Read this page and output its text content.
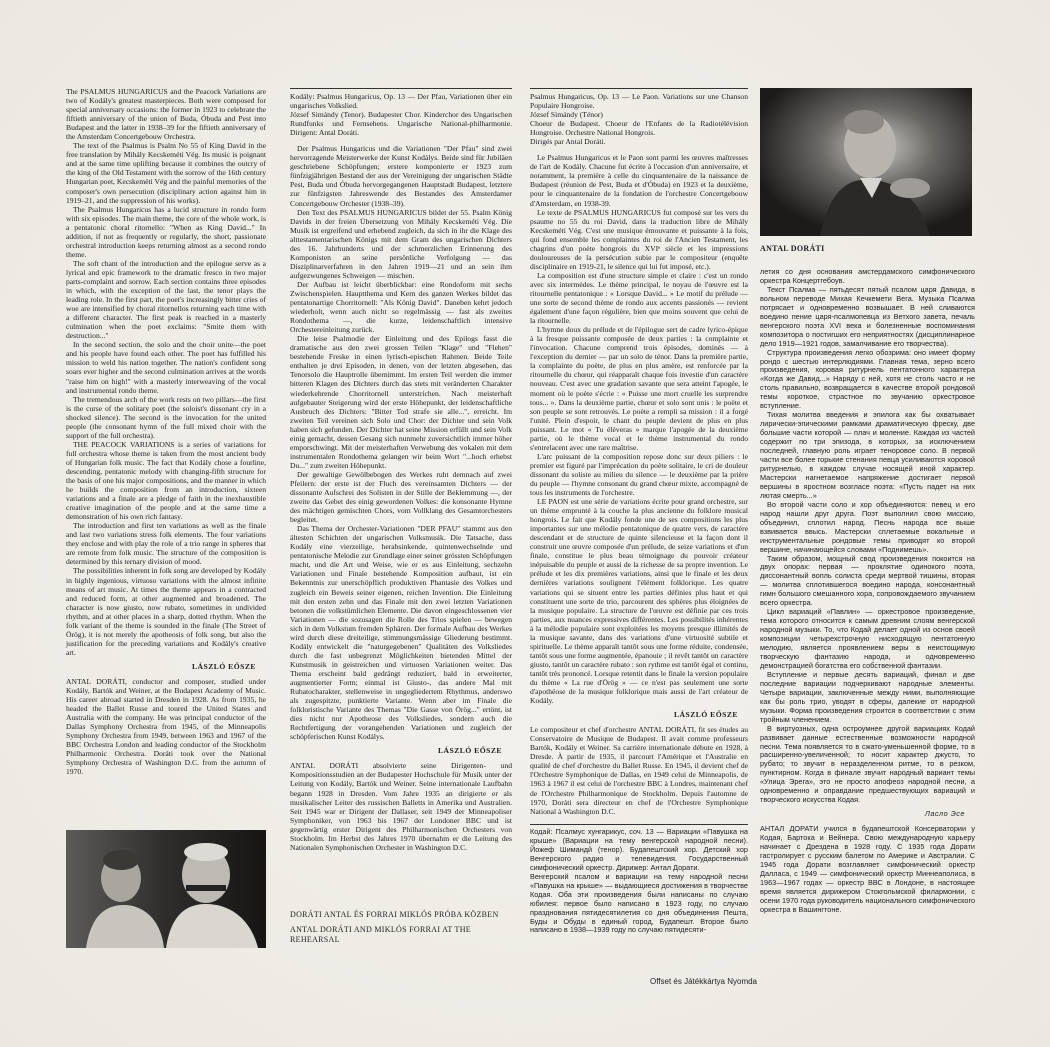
The PSALMUS HUNGARICUS and the Peacock Variations are two of Kodály's greatest masterpieces. Both were composed for special anniversary occasions: the former in 1923 to celebrate the fiftieth anniversary of the union of Buda, Óbuda and Pest into Budapest and the latter in 1938–39 for the fiftieth anniversary of the Amsterdam Concertgebouw Orchestra.

The text of the Psalmus is Psalm No 55 of King David in the free translation by Mihály Kecskeméti Vég. Its music is poignant and at the same time uplifting because it combines the outcry of the king of the Old Testament with the sorrow of the 16th century Hungarian poet, Kecskeméti Vég and the painful memories of the composer's own persecution (disciplinary action against him in 1919–21, and the suppression of his works).

The Psalmus Hungaricus has a lucid structure in rondo form with six episodes. The main theme, the core of the whole work, is a pentatonic choral ritornello: "When as King David..." In addition, if not as frequently or regularly, the short, passionate orchestral introduction keeps returning almost as a second rondo theme.

The soft chant of the introduction and the epilogue serve as a lyrical and epic framework to the dramatic fresco in two major parts-complaint and sorrow. Each section contains three episodes in which, with the exception of the last, the tenor plays the leading role. In the first part, the poet's increasingly bitter cries of woe are intensified by choral ritornellos returning each time with a different character. The first peak is reached in a masterly culmination when the poet exclaims: "Smite them with destruction..."

In the second section, the solo and the choir unite—the poet and his people have found each other. The poet has fulfilled his mission to weld his nation together. The nation's confident song soars ever higher and the second culmination arrives at the words "raise him on high!" with a masterly interweaving of the vocal and instrumental rondo theme.

The tremendous arch of the work rests on two pillars—the first is the curse of the solitary poet (the soloist's dissonant cry in a shocked silence). The second is the invocation for the united people (the consonant hymn of the full mixed choir with the support of the full orchestra).

THE PEACOCK VARIATIONS is a series of variations for full orchestra whose theme is taken from the most ancient body of Hungarian folk music. The fact that Kodály chose a fourline, descending, pentatonic melody with changing-fifth structure for the basis of one his major compositions, and the manner in which he builds the composition from an introduction, sixteen variations and a finale are a pledge of faith in the inexhaustible creative imagination of the people and at the same time a demonstration of his own rich fantasy.

The introduction and first ten variations as well as the finale and last two variations stress folk elements. The four variations they enclose and with play the role of a trio range in spheres that are remote from folk music. The structure of the composition is determined by this ternary division of mood.

The possibilities inherent in folk song are developed by Kodály in highly ingenious, virtuoso variations with the almost infinite means of art music. At times the theme appears in a contracted and reduced form, at other augmented and broadened. The character is now giusto, now rubato, sometimes in undivided rhythm, and at other places in a sharp, dotted rhythm. When the folk variant of the theme is sounded in the finale (The Street of Örög), it is not merely the apotheosis of folk song, but also the justification for the preceding variations and Kodály's creative art.

LÁSZLÓ EŐSZE

ANTAL DORÁTI, conductor and composer, studied under Kodály, Bartók and Weiner, at the Budapest Academy of Music. His career abroad started in Dresden in 1928. As from 1935, he headed the Ballet Russe and toured the United States and Australia with the company. He was principal conductor of the Dallas Symphony Orchestra from 1945, of the Minneapolis Symphony Orchestra from 1949, between 1963 and 1967 of the BBC Orchestra London and leading conductor of the Stockholm Philharmonic Orchestra. Doráti took over the National Symphony Orchestra of Washington D.C. from the autumn of 1970.

Kodály: Psalmus Hungaricus, Op. 13 — Der Pfau, Variationen über ein ungarisches Volkslied.

József Simándy (Tenor). Budapester Chor. Kinderchor des Ungarischen Rundfunks und Fernsehens. Ungarische National-philharmonie. Dirigent: Antal Doráti.

Der Psalmus Hungaricus und die Variationen "Der Pfau" sind zwei hervorragende Meisterwerke der Kunst Kodálys. Beide sind für Jubiläen geschriebene Schöpfungen; erstere komponierte er 1923 zum fünfzigjährigen Bestand der aus der Vereinigung der ungarischen Städte Pest, Buda und Óbuda hervorgegangenen Hauptstadt Budapest, letztere zur fünfzigsten Jahreswende des Bestandes des Amsterdamer Concertgebouw Orchester (1938–39).

Den Text des PSALMUS HUNGARICUS bildet der 55. Psalm König Davids in der freien Übersetzung von Mihály Kecskeméti Vég. Die Musik ist ergreifend und erhebend zugleich, da sich in ihr die Klage des alttestamentarischen Königs mit dem Gram des ungarischen Dichters des 16. Jahrhunderts und der schmerzlichen Erinnerung des Komponisten an seine persönliche Verfolgung — das Disziplinarverfahren in den Jahren 1919—21 und an sein ihm aufgezwungenes Schweigen — mischen.

Der Aufbau ist leicht überblickbar: eine Rondoform mit sechs Zwischenspielen. Hauptthema und Kern des ganzen Werkes bildet das pentatonartige Chorritornell: "Als König David". Daneben kehrt jedoch wiederholt, wenn auch nicht so regelmässig — fast als zweites Rondothema —, die kurze, leidenschaftlich intensive Orchestereinleitung zurück.

Die leise Psalmodie der Einleitung und des Epilogs fasst die dramatische aus den zwei grossen Teilen "Klage" und "Flehen" bestehende Freske in einen lyrisch-epischen Rahmen. Beide Teile enthalten je drei Episoden, in denen, von der letzten abgesehen, das Tenorsolo die Hauptrolle übernimmt. Im ersten Teil werden die immer bitteren Klagen des Dichters durch das stets mit veränderten Charakter wiederkehrende Chorritornell unterstrichen. Nach meisterhaft aufgebauter Steigerung wird der erste Höhepunkt, der leidenschaftliche Ausbruch des Dichters: "Bitter Tod strafe sie alle...", erreicht. Im zweiten Teil vereinen sich Solo und Chor: der Dichter und sein Volk haben sich gefunden. Der Dichter hat seine Mission erfüllt und sein Volk einig gemacht, dessen Gesang sich nunmehr zuversichtlich immer höher emporschwingt. Mit der meisterhaften Verwebung des vokalen mit dem instrumentalen Rondothema gelangen wir beim Wort "...hoch erhebst Du..." zum zweiten Höhepunkt.

Der gewaltige Gewölbebogen des Werkes ruht demnach auf zwei Pfeilern: der erste ist der Fluch des vereinsamten Dichters — der dissonante Aufschrei des Solisten in der Stille der Beklemmung —, der zweite das Gebet des einig gewordenen Volkes: die konsonante Hymne des mächtigen gemischten Chors, vom Vollklang des Gesamtorchesters begleitet.

Das Thema der Orchester-Variationen "DER PFAU" stammt aus den ältesten Schichten der ungarischen Volksmusik. Die Tatsache, dass Kodály eine vierzeilige, herabsinkende, quintenwechselnde und pentatonische Melodie zur Grundlage einer seiner grössten Schöpfungen macht, und die Art und Weise, wie er es aus Einleitung, sechzehn Variationen und Finale bestehende Komposition aufbaut, ist ein Bekenntnis zur unerschöpflich produktiven Phantasie des Volkes und zugleich ein Beweis seiner eigenen, reichen Invention. Die Einleitung mit den ersten zehn und das Finale mit den zwei letzten Variationen betonen die volkstümlichen Elemente. Die davon eingeschlossenen vier Variationen — die sozusagen die Rolle des Trios spielen — bewegen sich in dem Volkstum fremden Sphären. Der formale Aufbau des Werkes wird durch diese dreiteilige, stimmungsmässige Gliederung bestimmt. Kodály entwickelt die "naturgegebenen" Qualitäten des Volksliedes durch die fast unbegrenzt Möglichkeiten bietenden Mittel der Kunstmusik in geistreichen und virtuosen Variationen weiter. Das Thema erscheint bald gedrängt reduziert, bald in erweiterter, augmentierter Form; einmal ist Giusto-, das andere Mal mit Rubatocharakter, stellenweise in ungegliedertem Rhythmus, anderswo als zugespitzte, punktierte Variante. Wenn aber im Finale die folkloristische Variante des Themas "Die Gasse von Örög..." ertönt, ist dies nicht nur Apotheose des Volksliedes, sondern auch die Rechtfertigung der vorangehenden Variationen und zugleich der schöpferischen Kunst Kodálys.

LÁSZLÓ EŐSZE

ANTAL DORÁTI absolvierte seine Dirigenten- und Kompositionsstudien an der Budapester Hochschule für Musik unter der Leitung von Kodály, Bartók und Weiner. Seine internationale Laufbahn begann 1928 in Dresden. Vom Jahre 1935 an dirigierte er als musikalischer Leiter des russischen Balletts in Amerika und Australien. Seit 1945 war er Dirigent der Dallaser, seit 1949 der Minneapoliser Symphoniker, von 1963 bis 1967 der Londoner BBC und ist gegenwärtig erster Dirigent des Philharmonischen Orchesters von Stockholm. Im Herbst des Jahres 1970 übernahm er die Leitung des Nationalen Symphonischen Orchester in Washington D.C.

Psalmus Hungaricus, Op. 13 — Le Paon. Variations sur une Chanson Populaire Hongroise.

József Simándy (Ténor)

Choeur de Budapest. Choeur de l'Enfants de la Radiotélévision Hongroise. Orchestre National Hongrois.

Dirigés par Antal Doráti.

Le Psalmus Hungaricus et le Paon sont parmi les œuvres maîtresses de l'art de Kodály. Chacune fut écrite à l'occasion d'un anniversaire, et notamment, la première à celle du cinquantenaire de la naissance de Budapest (réunion de Pest, Buda et d'Óbuda) en 1923 et la deuxième, pour le cinquantenaire de la fondation de l'orchestre Concertgebouw d'Amsterdam, en 1938-39.

Le texte de PSALMUS HUNGARICUS fut composé sur les vers du psaume no 55 du roi David, dans la traduction libre de Mihály Kecskeméti Vég. C'est une musique émouvante et puissante à la fois, qui fond ensemble les complaintes du roi de l'Ancien Testament, les chagrins d'un poète hongrois du XVIᵉ siècle et les impressions douloureuses de la persécution subie par le compositeur (enquête disciplinaire en 1919-21, le silence qui lui fut imposé, etc.).

La composition est d'une structure simple et claire : c'est un rondo avec six intermèdes. Le thème principal, le noyau de l'œuvre est la ritournelle pentatonique : « Lorsque David... » Le motif du prélude — une sorte de second thème de rondo aux accents passionés — revient également d'une façon régulière, bien que moins souvent que celui de la ritournelle.

L'hymne doux du prélude et de l'épilogue sert de cadre lyrico-épique à la fresque puissante composée de deux parties : la complainte et l'invocation. Chacune comprend trois épisodes, dominés — à l'exception du dernier — par un solo de ténor. Dans la première partie, la complainte du poète, de plus en plus amère, est renforcée par la ritournelle du chœur, qui réapparaît chaque fois investie d'un caractère nouveau. C'est avec une gradation savante que sera atteint l'apogée, le moment où le poète s'écrie : « Puisse une mort cruelle les surprendre tous... ». Dans la deuxième partie, chœur et solo sont unis : le poète et son peuple se sont retrouvés. Le poète a rempli sa mission : il a forgé l'unité. Plein d'espoir, le chant du peuple devient de plus en plus puissant. Le mot « Tu élèveras » marque l'apogée de la deuxième partie, où le thème vocal et le thème instrumental du rondo s'entrelacent avec une rare maîtrise.

L'arc puissant de la composition repose donc sur deux piliers : le premier est figuré par l'imprécation du poète solitaire, le cri de douleur dissonant du soliste au milieu du silence — le deuxième par la prière du peuple — l'hymne consonant du grand chœur mixte, accompagné de tous les instruments de l'orchestre.

LE PAON est une série de variations écrite pour grand orchestre, sur un thème emprunté à la couche la plus ancienne du folklore musical hongrois. Le fait que Kodály fonde une de ses compositions les plus importantes sur une mélodie pentatonique de quatre vers, de caractère descendant et de structure de quinte silencieuse et la façon dont il construit une œuvre composée d'un prélude, de seize variations et d'un finale, constitue le plus beau témoignage du pouvoir créateur inépuisable du peuple et aussi de la richesse de sa propre invention. Le prélude et les dix premières variations, ainsi que le finale et les deux dernières variations soulignent l'élément folklorique. Les quatre variations qui se situent entre les parties définies plus haut et qui constituent une sorte de trio, parcourent des sphères plus éloignées de la musique populaire. La structure de l'œuvre est définie par ces trois parties, aux nuances expressives différentes. Les possibilités inhérentes à la mélodie populaire sont exploitées les moyens presque illimités de la musique savante, dans des variations d'une virtuosité subtile et spirituelle. Le thème apparaît tantôt sous une forme réduite, condensée, tantôt sous une forme augmentée, épanouie ; il revêt tantôt un caractère giusto, tantôt un caractère rubato : son rythme est tantôt égal et continu, tantôt très prononcé. Lorsque retentit dans le finale la version populaire du thème « La rue d'Örög » — ce n'est pas seulement une sorte d'apothéose de la musique folklorique mais aussi de l'art créateur de Kodály.

LÁSZLÓ EŐSZE

Le compositeur et chef d'orchestre ANTAL DORÁTI, fit ses études au Conservatoire de Musique de Budapest. Il avait comme professeurs Bartók, Kodály et Weiner. Sa carrière internationale débute en 1928, à Dresde. À partir de 1935, il parcourt l'Amérique et l'Australie en qualité de chef d'orchestre du Ballet Russe. En 1945, il devient chef de l'Orchestre Symphonique de Dallas, en 1949 celui de Minneapolis, de 1963 à 1967 il est celui de l'orchestre BBC à Londres, maintenant chef de l'Orchestre Philharmonique de Stockholm. Depuis l'automne de 1970, Doráti sera directeur en chef de l'Orchestre Symphonique National à Washington D.C.

ANTAL DORÁTI

летия со дня основания амстердамского симфонического оркестра Концертгебоув.

Текст Псалма — пятьдесят пятый псалом царя Давида, в вольном переводе Михая Кечкемети Вега. Музыка Псалма потрясает и одновременно возвышает. В ней сливаются воедино пение царя-псалмопевца из Ветхого завета, печаль венгерского поэта XVI века и болезненные воспоминания композитора о постигших его неприятностях (дисциплинарное дело 1919—1921 годов, замалчивание его творчества).

Структура произведения легко обозрима: оно имеет форму рондо с шестью интерлюдиями. Главная тема, зерно всего произведения, хоровая ритурнель пентатонного характера «Когда же Давид...» Наряду с ней, хотя не столь часто и не столь правильно, возвращается в качестве второй рондовой темы короткое, страстное по звучанию оркестровое вступление.

Тихая молитва введения и эпилога как бы охватывает лирически-эпическими рамками драматическую фреску, две большие части которой — плач и моление. Каждая из частей содержит по три эпизода, в которых, за исключением последней, главную роль играет теноровое соло. В первой части все более горькие стенания певца усиливаются хоровой ритурнелью, в каждом случае носящей иной характер. Мастерски нагнетаемое напряжение достигает первой вершины в яростном возгласе поэта: «Пусть падет на них лютая смерть...»

Во второй части соло и хор объединяются: певец и его народ нашли друг друга. Поэт выполнил свою миссию, объединил, сплотил народ. Песнь народа все выше взвивается ввысь. Мастерски сплетаемые вокальные и инструментальные рондовые темы приводят ко второй вершине, начинающейся словами «Поднимешь».

Таким образом, мощный свод произведения покоится на двух опорах: первая — проклятие одинокого поэта, диссонантный вопль солиста среди мертвой тишины, вторая — молитва сплотившегося воедино народа, консонантный гимн большого смешанного хора, сопровождаемого звучанием всего оркестра.

Цикл вариаций «Павлин» — оркестровое произведение, тема которого относится к самым древним слоям венгерской народной музыки. То, что Кодай делает одной из основ своей композиции четырехстрочную нисходящую пентатонную мелодию, является проявлением веры в неистощимую творческую фантазию народа, и одновременно демонстрацией богатства его собственной фантазии.

Вступление и первые десять вариаций, финал и две последние вариации подчеркивают народные элементы. Четыре вариации, заключенные между ними, выполняющие как бы роль трио, уводят в сферы, далекие от народной музыки. Форма произведения строится в соответствии с этим тройным членением.

В виртуозных, одна остроумнее другой вариациях Кодай развивает данные естественные возможности народной песни. Тема появляется то в сжато-уменьшенной форме, то в расширенно-увеличенной; то носит характер джусто, то рубато; то звучит в неразделенном ритме, то в резком, пунктирном. Когда в финале звучит народный вариант темы «Улица Эрега», это не просто апофеоз народной песни, а одновременно и оправдание предшествующих вариаций и творческого искусства Кодая.

Ласло Эсе

АНТАЛ ДОРАТИ учился в будапештской Консерватории у Кодая, Бартока и Вейнера. Свою международную карьеру начинает с Дрездена в 1928 году. С 1935 года Дорати гастролирует с русским балетом по Америке и Австралии. С 1945 года Дорати возглавляет симфонический оркестр Далласа, с 1949 — симфонический оркестр Миннеаполиса, в 1963—1967 годах — оркестр ВВС в Лондоне, в настоящее время является дирижером Стокгольмской филармонии, с осени 1970 года руководитель национального симфонического оркестра в Вашингтоне.

Кодай: Псалмус хунгарикус, соч. 13 — Вариации «Павушка на крыше» (Вариации на тему венгерской народной песни). Йожеф Шимандй (тенор). Будапештский хор. Детский хор Венгерского радио и телевидения. Государственный симфонический оркестр. Дирижер: Антал Дорати.

Венгерский псалом и вариации на тему народной песни «Павушка на крыше» — выдающиеся достижения в творчестве Кодая. Оба эти произведения были написаны по случаю юбилея: первое было написано в 1923 году, по случаю празднования пятидесятилетия со дня объединения Пешта, Буды и Обуды в единый город, Будапешт. Второе было написано в 1938—1939 году по случаю пятидесяти-

DORÁTI ANTAL ÉS FORRAI MIKLÓS PRÓBA KÖZBEN
ANTAL DORÁTI AND MIKLÓS FORRAI AT THE REHEARSAL
Offset és Játékkártya Nyomda
